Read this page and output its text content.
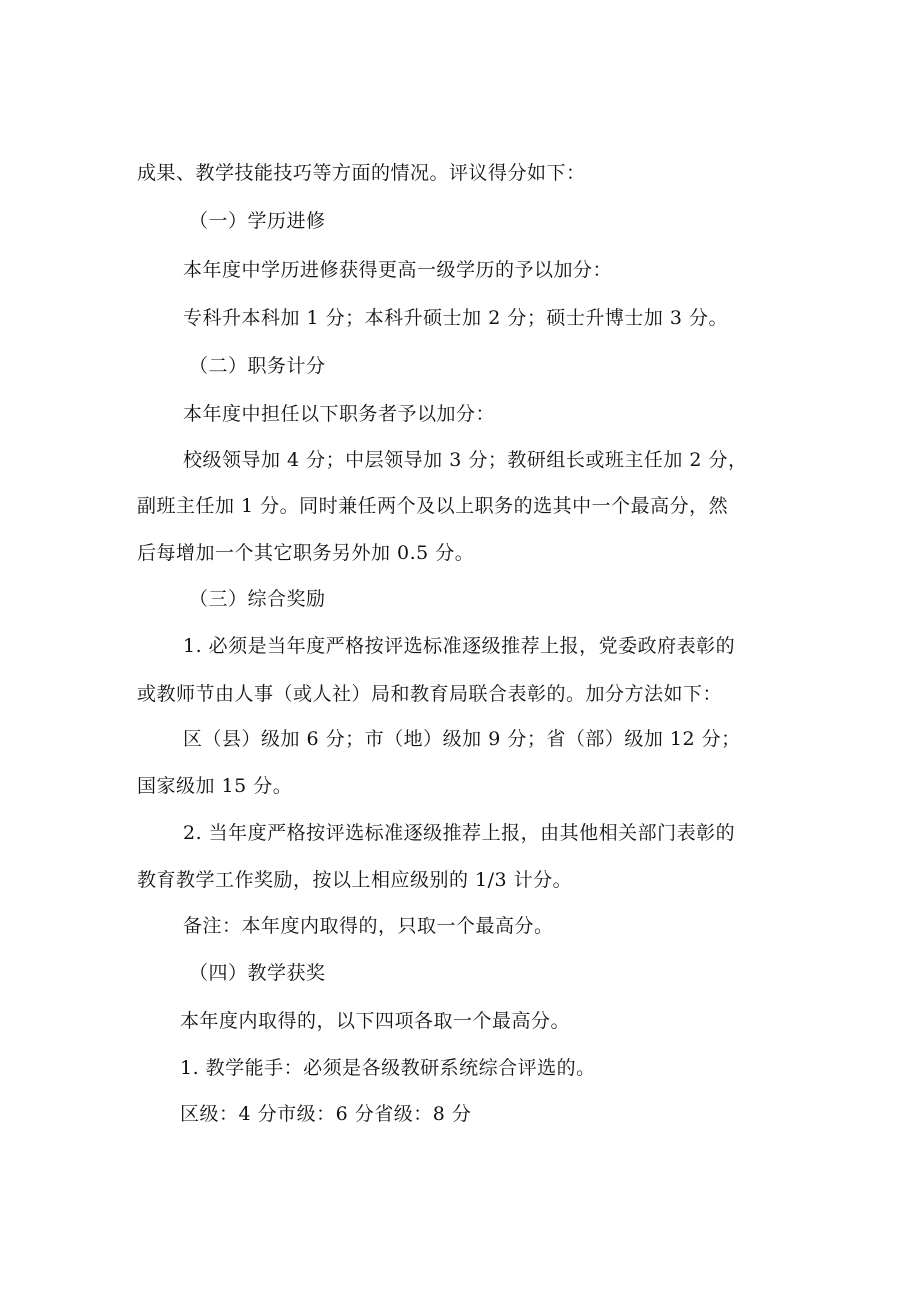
成果、教学技能技巧等方面的情况。评议得分如下：
（一）学历进修
本年度中学历进修获得更高一级学历的予以加分：
专科升本科加 1 分；本科升硕士加 2 分；硕士升博士加 3 分。
（二）职务计分
本年度中担任以下职务者予以加分：
校级领导加 4 分；中层领导加 3 分；教研组长或班主任加 2 分，
副班主任加 1 分。同时兼任两个及以上职务的选其中一个最高分，然
后每增加一个其它职务另外加 0.5 分。
（三）综合奖励
1. 必须是当年度严格按评选标准逐级推荐上报，党委政府表彰的
或教师节由人事（或人社）局和教育局联合表彰的。加分方法如下：
区（县）级加 6 分；市（地）级加 9 分；省（部）级加 12 分；
国家级加 15 分。
2. 当年度严格按评选标准逐级推荐上报，由其他相关部门表彰的
教育教学工作奖励，按以上相应级别的 1/3 计分。
备注：本年度内取得的，只取一个最高分。
（四）教学获奖
本年度内取得的，以下四项各取一个最高分。
1. 教学能手：必须是各级教研系统综合评选的。
区级：4 分市级：6 分省级：8 分
